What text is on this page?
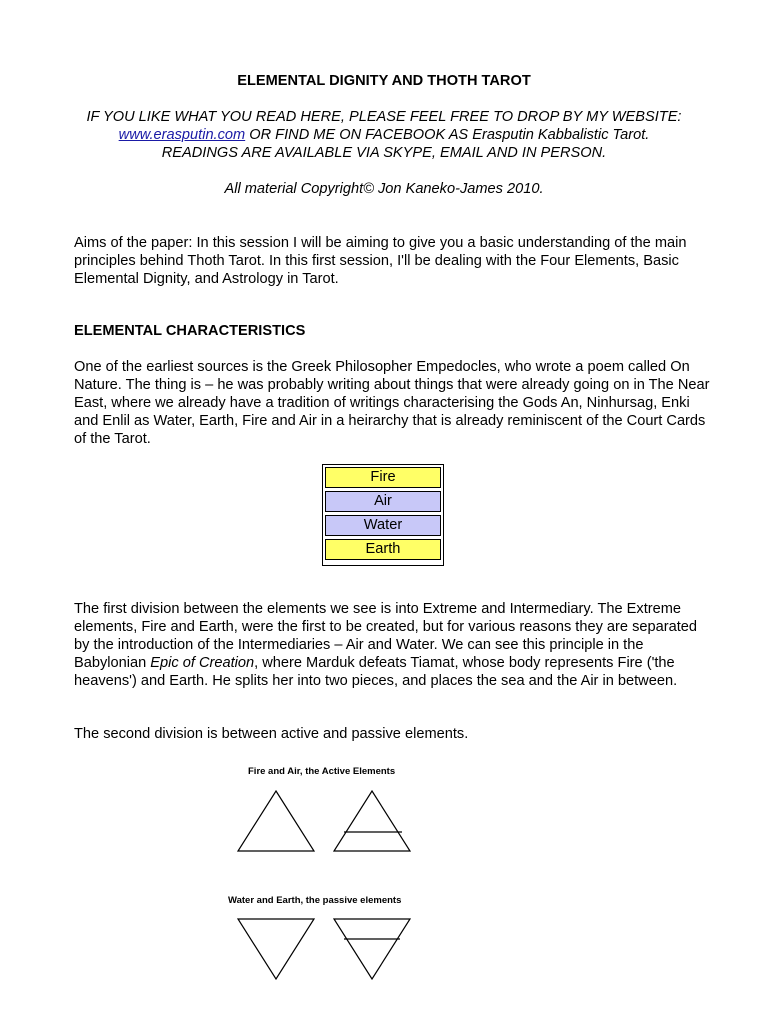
ELEMENTAL DIGNITY AND THOTH TAROT

IF YOU LIKE WHAT YOU READ HERE, PLEASE FEEL FREE TO DROP BY MY WEBSITE: www.erasputin.com OR FIND ME ON FACEBOOK AS Erasputin Kabbalistic Tarot. READINGS ARE AVAILABLE VIA SKYPE, EMAIL AND IN PERSON.

All material Copyright© Jon Kaneko-James 2010.

Aims of the paper: In this session I will be aiming to give you a basic understanding of the main principles behind Thoth Tarot. In this first session, I'll be dealing with the Four Elements, Basic Elemental Dignity, and Astrology in Tarot.

ELEMENTAL CHARACTERISTICS

One of the earliest sources is the Greek Philosopher Empedocles, who wrote a poem called On Nature. The thing is – he was probably writing about things that were already going on in The Near East, where we already have a tradition of writings characterising the Gods An, Ninhursag, Enki and Enlil as Water, Earth, Fire and Air in a heirarchy that is already reminiscent of the Court Cards of the Tarot.

Fire
Air
Water
Earth

The first division between the elements we see is into Extreme and Intermediary. The Extreme elements, Fire and Earth, were the first to be created, but for various reasons they are separated by the introduction of the Intermediaries – Air and Water. We can see this principle in the Babylonian Epic of Creation, where Marduk defeats Tiamat, whose body represents Fire ('the heavens') and Earth. He splits her into two pieces, and places the sea and the Air in between.

The second division is between active and passive elements.

Fire and Air, the Active Elements

Water and Earth, the passive elements
